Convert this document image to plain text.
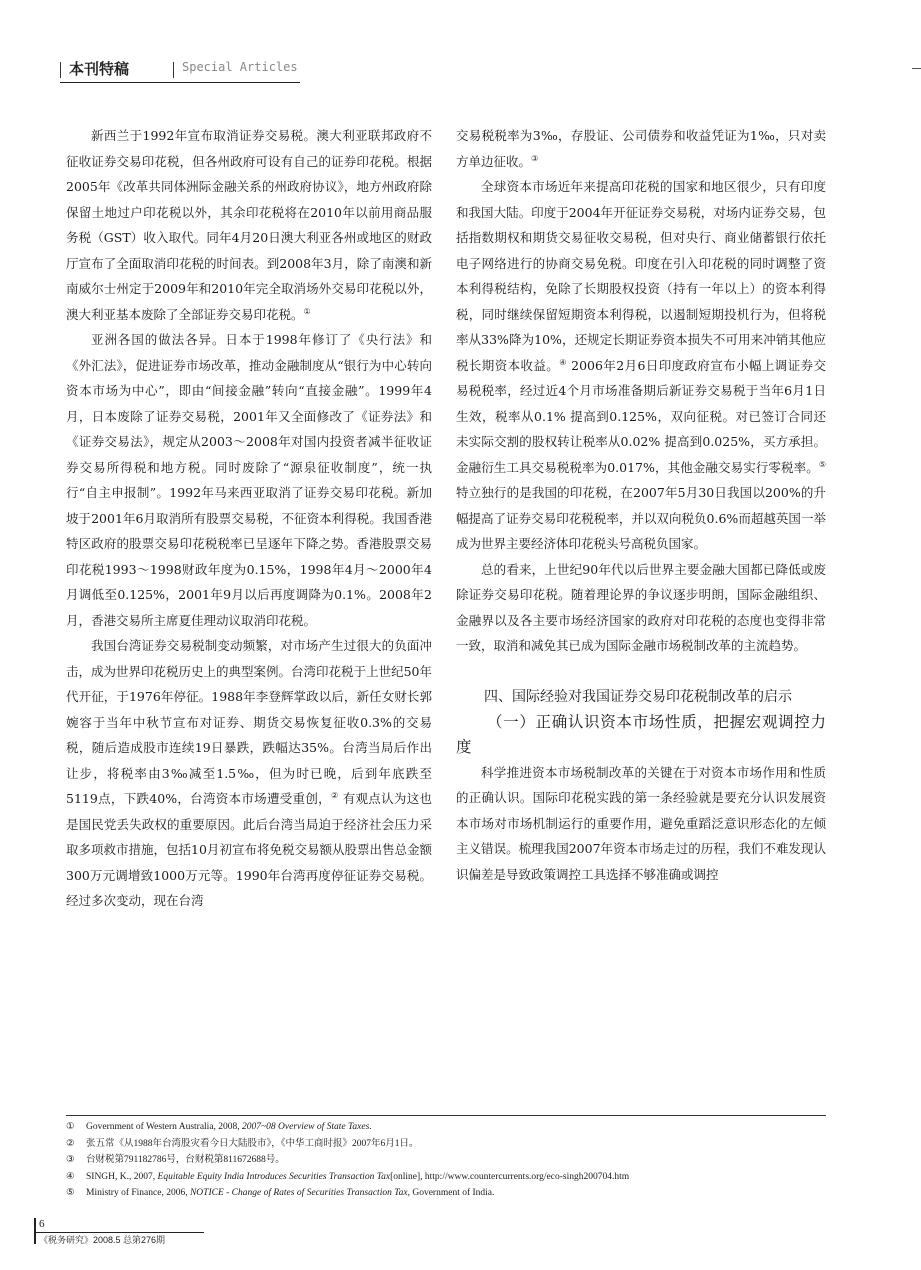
本刊特稿	Special Articles

新西兰于1992年宣布取消证券交易税。澳大利亚联邦政府不征收证券交易印花税，但各州政府可设有自己的证券印花税。根据2005年《改革共同体洲际金融关系的州政府协议》，地方州政府除保留土地过户印花税以外，其余印花税将在2010年以前用商品服务税（GST）收入取代。同年4月20日澳大利亚各州或地区的财政厅宣布了全面取消印花税的时间表。到2008年3月，除了南澳和新南威尔士州定于2009年和2010年完全取消场外交易印花税以外，澳大利亚基本废除了全部证券交易印花税。①

亚洲各国的做法各异。日本于1998年修订了《央行法》和《外汇法》，促进证券市场改革，推动金融制度从“银行为中心转向资本市场为中心”，即由“间接金融”转向“直接金融”。1999年4月，日本废除了证券交易税，2001年又全面修改了《证券法》和《证券交易法》，规定从2003～2008年对国内投资者减半征收证券交易所得税和地方税。同时废除了“源泉征收制度”，统一执行“自主申报制”。1992年马来西亚取消了证券交易印花税。新加坡于2001年6月取消所有股票交易税，不征资本利得税。我国香港特区政府的股票交易印花税税率已呈逐年下降之势。香港股票交易印花税1993～1998财政年度为0.15%，1998年4月～2000年4月调低至0.125%，2001年9月以后再度调降为0.1%。2008年2月，香港交易所主席夏佳理动议取消印花税。

我国台湾证券交易税制变动频繁，对市场产生过很大的负面冲击，成为世界印花税历史上的典型案例。台湾印花税于上世纪50年代开征，于1976年停征。1988年李登辉掌政以后，新任女财长郭婉容于当年中秋节宣布对证券、期货交易恢复征收0.3%的交易税，随后造成股市连续19日暴跌，跌幅达35%。台湾当局后作出让步，将税率由3‰减至1.5‰，但为时已晚，后到年底跌至5119点，下跌40%，台湾资本市场遭受重创，② 有观点认为这也是国民党丢失政权的重要原因。此后台湾当局迫于经济社会压力采取多项救市措施，包括10月初宣布将免税交易额从股票出售总金额300万元调增致1000万元等。1990年台湾再度停征证券交易税。经过多次变动，现在台湾

交易税税率为3‰，存股证、公司债券和收益凭证为1‰，只对卖方单边征收。③

全球资本市场近年来提高印花税的国家和地区很少，只有印度和我国大陆。印度于2004年开征证券交易税，对场内证券交易，包括指数期权和期货交易征收交易税，但对央行、商业储蓄银行依托电子网络进行的协商交易免税。印度在引入印花税的同时调整了资本利得税结构，免除了长期股权投资（持有一年以上）的资本利得税，同时继续保留短期资本利得税，以遏制短期投机行为，但将税率从33%降为10%，还规定长期证券资本损失不可用来冲销其他应税长期资本收益。④ 2006年2月6日印度政府宣布小幅上调证券交易税税率，经过近4个月市场准备期后新证券交易税于当年6月1日生效，税率从0.1% 提高到0.125%，双向征税。对已签订合同还未实际交割的股权转让税率从0.02% 提高到0.025%，买方承担。金融衍生工具交易税税率为0.017%，其他金融交易实行零税率。⑤ 特立独行的是我国的印花税，在2007年5月30日我国以200%的升幅提高了证券交易印花税税率，并以双向税负0.6%而超越英国一举成为世界主要经济体印花税头号高税负国家。

总的看来，上世纪90年代以后世界主要金融大国都已降低或废除证券交易印花税。随着理论界的争议逐步明朗，国际金融组织、金融界以及各主要市场经济国家的政府对印花税的态度也变得非常一致，取消和减免其已成为国际金融市场税制改革的主流趋势。

四、国际经验对我国证券交易印花税制改革的启示
（一）正确认识资本市场性质，把握宏观调控力度

科学推进资本市场税制改革的关键在于对资本市场作用和性质的正确认识。国际印花税实践的第一条经验就是要充分认识发展资本市场对市场机制运行的重要作用，避免重蹈泛意识形态化的左倾主义错误。梳理我国2007年资本市场走过的历程，我们不难发现认识偏差是导致政策调控工具选择不够准确或调控

① Government of Western Australia, 2008, 2007~08 Overview of State Taxes.
② 张五常《从1988年台湾股灾看今日大陆股市》，《中华工商时报》2007年6月1日。
③ 台财税第791182786号，台财税第811672688号。
④ SINGH, K., 2007, Equitable Equity India Introduces Securities Transaction Tax[online], http://www.countercurrents.org/eco-singh200704.htm
⑤ Ministry of Finance, 2006, NOTICE - Change of Rates of Securities Transaction Tax, Government of India.
6
《税务研究》2008.5 总第276期
